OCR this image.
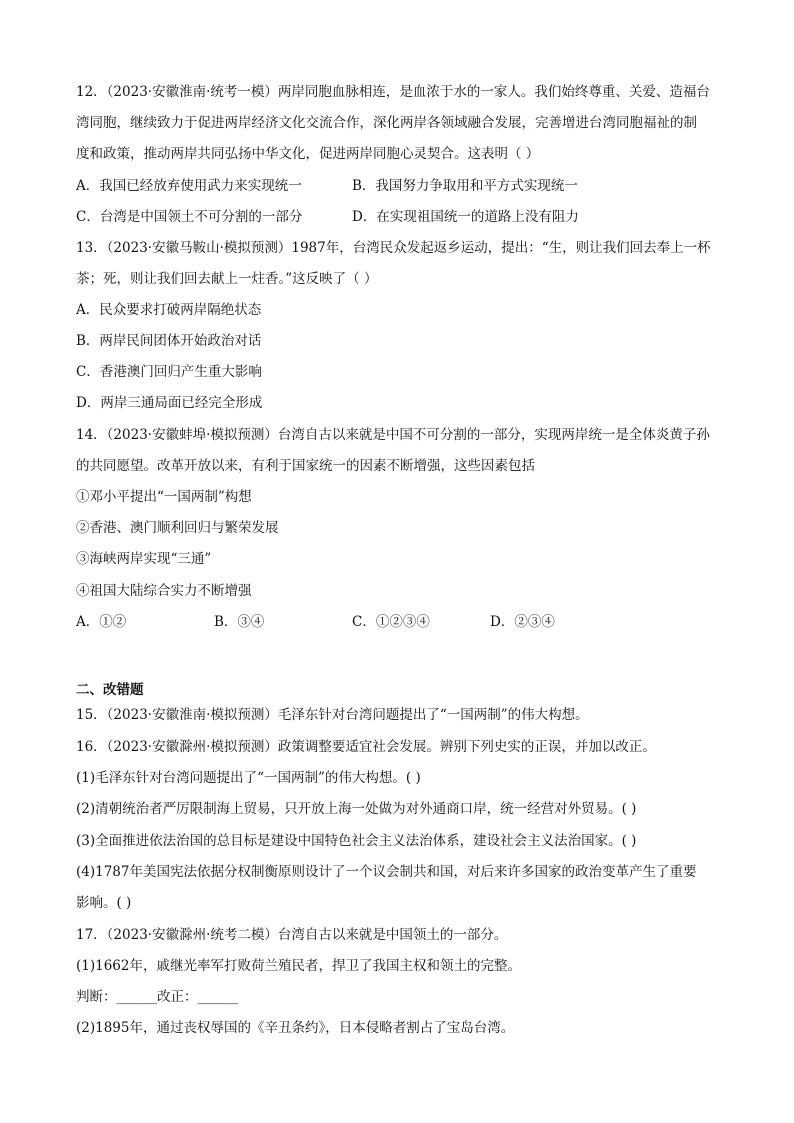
12．（2023·安徽淮南·统考一模）两岸同胞血脉相连，是血浓于水的一家人。我们始终尊重、关爱、造福台
湾同胞，继续致力于促进两岸经济文化交流合作，深化两岸各领域融合发展，完善增进台湾同胞福祉的制
度和政策，推动两岸共同弘扬中华文化，促进两岸同胞心灵契合。这表明（ ）
A．我国已经放弃使用武力来实现统一	B．我国努力争取用和平方式实现统一
C．台湾是中国领土不可分割的一部分	D．在实现祖国统一的道路上没有阻力
13．（2023·安徽马鞍山·模拟预测）1987年，台湾民众发起返乡运动，提出：“生，则让我们回去奉上一杯
茶；死，则让我们回去献上一炷香。”这反映了（ ）
A．民众要求打破两岸隔绝状态
B．两岸民间团体开始政治对话
C．香港澳门回归产生重大影响
D．两岸三通局面已经完全形成
14．（2023·安徽蚌埠·模拟预测）台湾自古以来就是中国不可分割的一部分，实现两岸统一是全体炎黄子孙
的共同愿望。改革开放以来，有利于国家统一的因素不断增强，这些因素包括
①邓小平提出“一国两制”构想
②香港、澳门顺利回归与繁荣发展
③海峡两岸实现“三通”
④祖国大陆综合实力不断增强
A．①②	B．③④	C．①②③④	D．②③④
二、改错题
15．（2023·安徽淮南·模拟预测）毛泽东针对台湾问题提出了“一国两制”的伟大构想。
16．（2023·安徽滁州·模拟预测）政策调整要适宜社会发展。辨别下列史实的正误，并加以改正。
(1)毛泽东针对台湾问题提出了“一国两制”的伟大构想。( )
(2)清朝统治者严厉限制海上贸易，只开放上海一处做为对外通商口岸，统一经营对外贸易。( )
(3)全面推进依法治国的总目标是建设中国特色社会主义法治体系，建设社会主义法治国家。( )
(4)1787年美国宪法依据分权制衡原则设计了一个议会制共和国，对后来许多国家的政治变革产生了重要
影响。( )
17．（2023·安徽滁州·统考二模）台湾自古以来就是中国领土的一部分。
(1)1662年，戚继光率军打败荷兰殖民者，捍卫了我国主权和领土的完整。
判断：______改正：______
(2)1895年，通过丧权辱国的《辛丑条约》，日本侵略者割占了宝岛台湾。
